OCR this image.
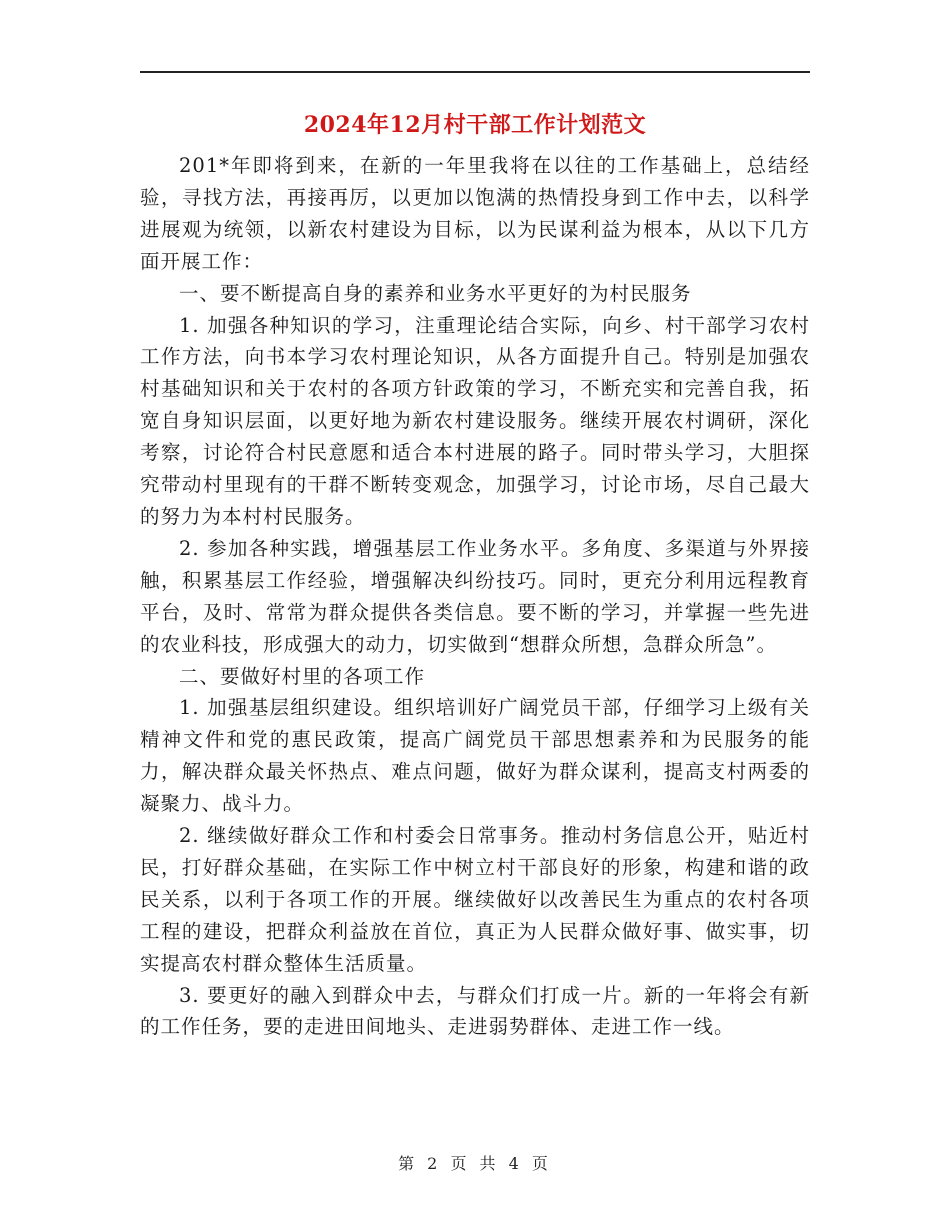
2024年12月村干部工作计划范文

201*年即将到来，在新的一年里我将在以往的工作基础上，总结经验，寻找方法，再接再厉，以更加以饱满的热情投身到工作中去，以科学进展观为统领，以新农村建设为目标，以为民谋利益为根本，从以下几方面开展工作：

一、要不断提高自身的素养和业务水平更好的为村民服务

1. 加强各种知识的学习，注重理论结合实际，向乡、村干部学习农村工作方法，向书本学习农村理论知识，从各方面提升自己。特别是加强农村基础知识和关于农村的各项方针政策的学习，不断充实和完善自我，拓宽自身知识层面，以更好地为新农村建设服务。继续开展农村调研，深化考察，讨论符合村民意愿和适合本村进展的路子。同时带头学习，大胆探究带动村里现有的干群不断转变观念，加强学习，讨论市场，尽自己最大的努力为本村村民服务。

2. 参加各种实践，增强基层工作业务水平。多角度、多渠道与外界接触，积累基层工作经验，增强解决纠纷技巧。同时，更充分利用远程教育平台，及时、常常为群众提供各类信息。要不断的学习，并掌握一些先进的农业科技，形成强大的动力，切实做到“想群众所想，急群众所急”。

二、要做好村里的各项工作

1. 加强基层组织建设。组织培训好广阔党员干部，仔细学习上级有关精神文件和党的惠民政策，提高广阔党员干部思想素养和为民服务的能力，解决群众最关怀热点、难点问题，做好为群众谋利，提高支村两委的凝聚力、战斗力。

2. 继续做好群众工作和村委会日常事务。推动村务信息公开，贴近村民，打好群众基础，在实际工作中树立村干部良好的形象，构建和谐的政民关系，以利于各项工作的开展。继续做好以改善民生为重点的农村各项工程的建设，把群众利益放在首位，真正为人民群众做好事、做实事，切实提高农村群众整体生活质量。

3. 要更好的融入到群众中去，与群众们打成一片。新的一年将会有新的工作任务，要的走进田间地头、走进弱势群体、走进工作一线。

第 2 页 共 4 页
